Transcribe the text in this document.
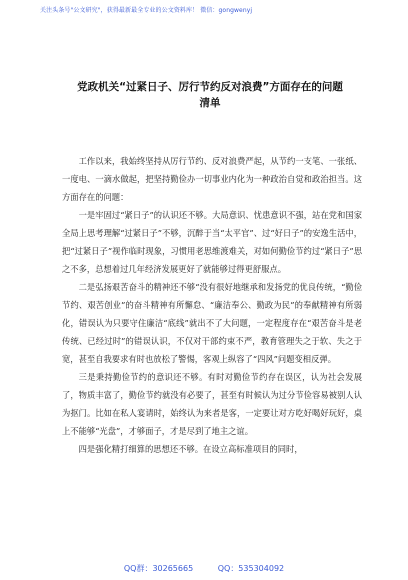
关注头条号"公文研究"，获得最新最全专业的公文资料库！ 微信：gongwenyj
党政机关“过紧日子、厉行节约反对浪费”方面存在的问题
清单

工作以来，我始终坚持从厉行节约、反对浪费严起，从节约一支笔、一张纸、一度电、一滴水做起，把坚持勤俭办一切事业内化为一种政治自觉和政治担当。这方面存在的问题：

一是牢固过“紧日子”的认识还不够。大局意识、忧患意识不强，站在党和国家全局上思考理解“过紧日子”不够，沉醉于当“太平官”、过“好日子”的安逸生活中，把“过紧日子”视作临时现象，习惯用老思维渡难关，对如何勤俭节约过“紧日子”思之不多，总想着过几年经济发展更好了就能够过得更舒服点。

二是弘扬艰苦奋斗的精神还不够“没有很好地继承和发扬党的优良传统，“勤俭节约、艰苦创业”的奋斗精神有所懈怠、“廉洁奉公、勤政为民”的奉献精神有所弱化，错误认为只要守住廉洁“底线”就出不了大问题，一定程度存在“艰苦奋斗是老传统、已经过时”的错误认识，不仅对干部约束不严，教育管理失之于软、失之于宽，甚至自我要求有时也放松了警惕，客观上纵容了“四风”问题变相反弹。

三是秉持勤俭节约的意识还不够。有时对勤俭节约存在误区，认为社会发展了，物质丰富了，勤俭节约就没有必要了，甚至有时候认为过分节俭容易被别人认为抠门。比如在私人宴请时，始终认为来者是客，一定要让对方吃好喝好玩好，桌上不能够“光盘”，才够面子，才是尽到了地主之谊。

四是强化精打细算的思想还不够。在设立高标准项目的同时，

QQ群：30265665	QQ：535304092
